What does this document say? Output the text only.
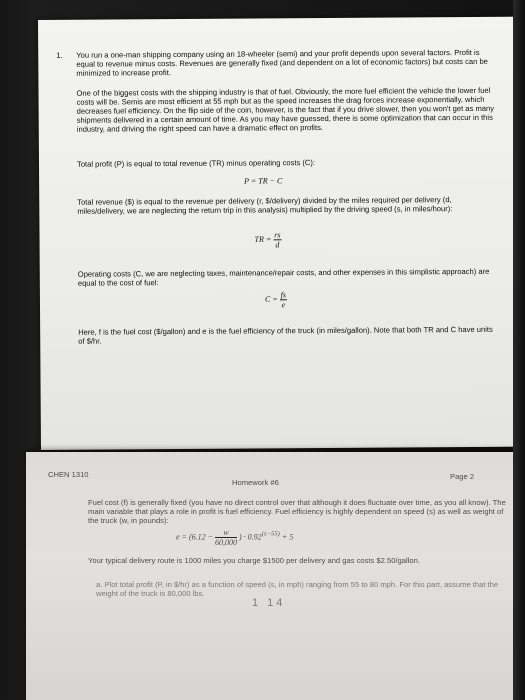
1. You run a one-man shipping company using an 18-wheeler (semi) and your profit depends upon several factors. Profit is equal to revenue minus costs. Revenues are generally fixed (and dependent on a lot of economic factors) but costs can be minimized to increase profit.
One of the biggest costs with the shipping industry is that of fuel. Obviously, the more fuel efficient the vehicle the lower fuel costs will be. Semis are most efficient at 55 mph but as the speed increases the drag forces increase exponentially, which decreases fuel efficiency. On the flip side of the coin, however, is the fact that if you drive slower, then you won't get as many shipments delivered in a certain amount of time. As you may have guessed, there is some optimization that can occur in this industry, and driving the right speed can have a dramatic effect on profits.
Total profit (P) is equal to total revenue (TR) minus operating costs (C):
P = TR − C
Total revenue ($) is equal to the revenue per delivery (r, $/delivery) divided by the miles required per delivery (d, miles/delivery, we are neglecting the return trip in this analysis) multiplied by the driving speed (s, in miles/hour):
TR = $\frac{rs}{d}$
Operating costs (C, we are neglecting taxes, maintenance/repair costs, and other expenses in this simplistic approach) are equal to the cost of fuel:
$C = \frac{fs}{e}$
Here, f is the fuel cost ($/gallon) and e is the fuel efficiency of the truck (in miles/gallon). Note that both TR and C have units of $/hr.
CHEN 1310
Homework #6
Page 2
Fuel cost (f) is generally fixed (you have no direct control over that although it does fluctuate over time, as you all know). The main variable that plays a role in profit is fuel efficiency. Fuel efficiency is highly dependent on speed (s) as well as weight of the truck (w, in pounds):
$e = (6.12 - \frac{w}{60,000}$ ) · $0.92^{(s-55)} + 5$
Your typical delivery route is 1000 miles you charge $1500 per delivery and gas costs $2.50/gallon.
a. Plot total profit (P, in $/hr) as a function of speed (s, in mph) ranging from 55 to 80 mph. For this part, assume that the weight of the truck is 80,000 lbs.
1 14
